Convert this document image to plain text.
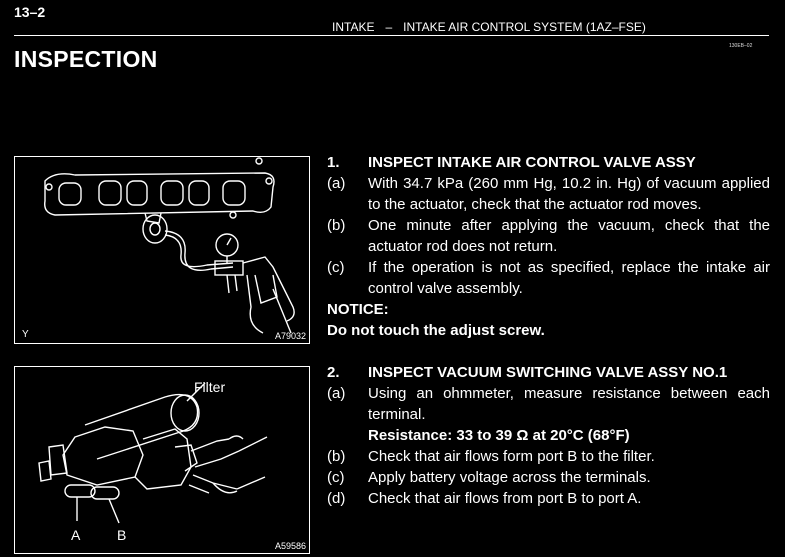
13–2
INTAKE – INTAKE AIR CONTROL SYSTEM (1AZ–FSE)
130EB–02
INSPECTION
Y	A79032
Filter
A	B
A59586
1.	INSPECT INTAKE AIR CONTROL VALVE ASSY
(a)	With 34.7 kPa (260 mm Hg, 10.2 in. Hg) of vacuum applied to the actuator, check that the actuator rod moves.
(b)	One minute after applying the vacuum, check that the actuator rod does not return.
(c)	If the operation is not as specified, replace the intake air control valve assembly.
NOTICE:
Do not touch the adjust screw.
2.	INSPECT VACUUM SWITCHING VALVE ASSY NO.1
(a)	Using an ohmmeter, measure resistance between each terminal.
Resistance: 33 to 39 Ω at 20°C (68°F)
(b)	Check that air flows form port B to the filter.
(c)	Apply battery voltage across the terminals.
(d)	Check that air flows from port B to port A.
